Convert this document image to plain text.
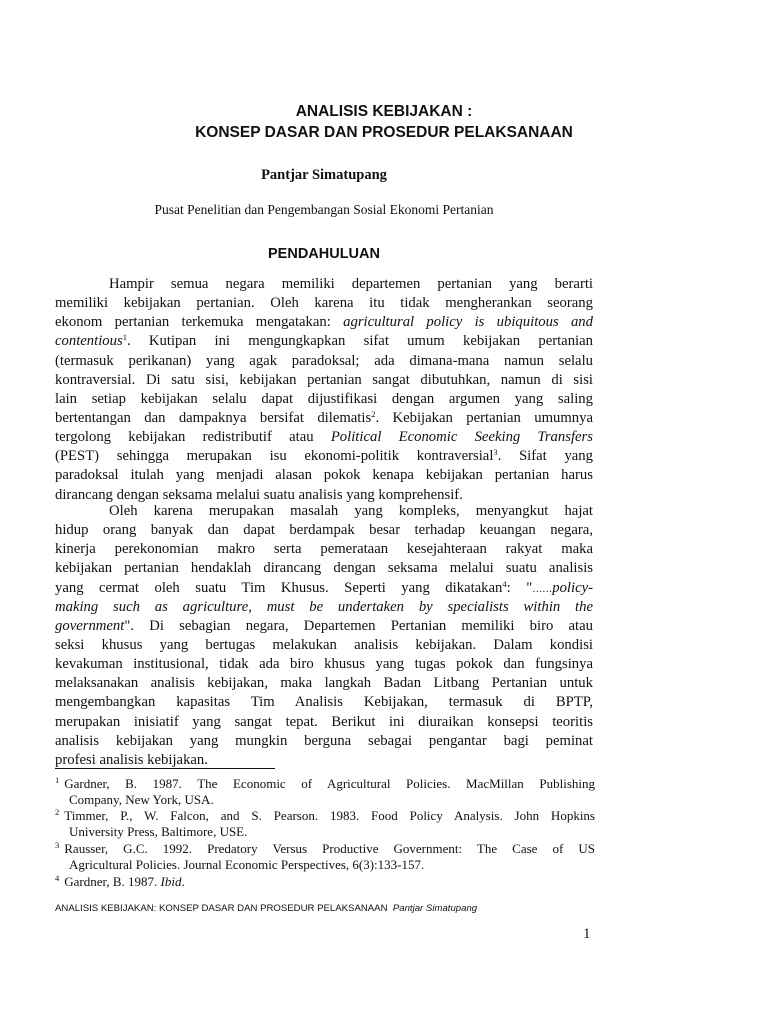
ANALISIS KEBIJAKAN :
KONSEP DASAR DAN PROSEDUR PELAKSANAAN
Pantjar Simatupang
Pusat Penelitian dan Pengembangan Sosial Ekonomi Pertanian
PENDAHULUAN
Hampir semua negara memiliki departemen pertanian yang berarti
memiliki kebijakan pertanian. Oleh karena itu tidak mengherankan seorang
ekonom pertanian terkemuka mengatakan: agricultural policy is ubiquitous and
contentious$^1$. Kutipan ini mengungkapkan sifat umum kebijakan pertanian
(termasuk perikanan) yang agak paradoksal; ada dimana-mana namun selalu
kontraversial. Di satu sisi, kebijakan pertanian sangat dibutuhkan, namun di sisi
lain setiap kebijakan selalu dapat dijustifikasi dengan argumen yang saling
bertentangan dan dampaknya bersifat dilematis$^2$. Kebijakan pertanian umumnya
tergolong kebijakan redistributif atau Political Economic Seeking Transfers
(PEST) sehingga merupakan isu ekonomi-politik kontraversial$^3$. Sifat yang
paradoksal itulah yang menjadi alasan pokok kenapa kebijakan pertanian harus
dirancang dengan seksama melalui suatu analisis yang komprehensif.
Oleh karena merupakan masalah yang kompleks, menyangkut hajat
hidup orang banyak dan dapat berdampak besar terhadap keuangan negara,
kinerja perekonomian makro serta pemerataan kesejahteraan rakyat maka
kebijakan pertanian hendaklah dirancang dengan seksama melalui suatu analisis
yang cermat oleh suatu Tim Khusus. Seperti yang dikatakan$^4$: "……policy-
making such as agriculture, must be undertaken by specialists within the
government". Di sebagian negara, Departemen Pertanian memiliki biro atau
seksi khusus yang bertugas melakukan analisis kebijakan. Dalam kondisi
kevakuman institusional, tidak ada biro khusus yang tugas pokok dan fungsinya
melaksanakan analisis kebijakan, maka langkah Badan Litbang Pertanian untuk
mengembangkan kapasitas Tim Analisis Kebijakan, termasuk di BPTP,
merupakan inisiatif yang sangat tepat. Berikut ini diuraikan konsepsi teoritis
analisis kebijakan yang mungkin berguna sebagai pengantar bagi peminat
profesi analisis kebijakan.
$^1$ Gardner, B. 1987. The Economic of Agricultural Policies. MacMillan Publishing
Company, New York, USA.
$^2$ Timmer, P., W. Falcon, and S. Pearson. 1983. Food Policy Analysis. John Hopkins
University Press, Baltimore, USE.
$^3$ Rausser, G.C. 1992. Predatory Versus Productive Government: The Case of US
Agricultural Policies. Journal Economic Perspectives, 6(3):133-157.
$^4$ Gardner, B. 1987. Ibid.
ANALISIS KEBIJAKAN: KONSEP DASAR DAN PROSEDUR PELAKSANAAN Pantjar Simatupang
1
